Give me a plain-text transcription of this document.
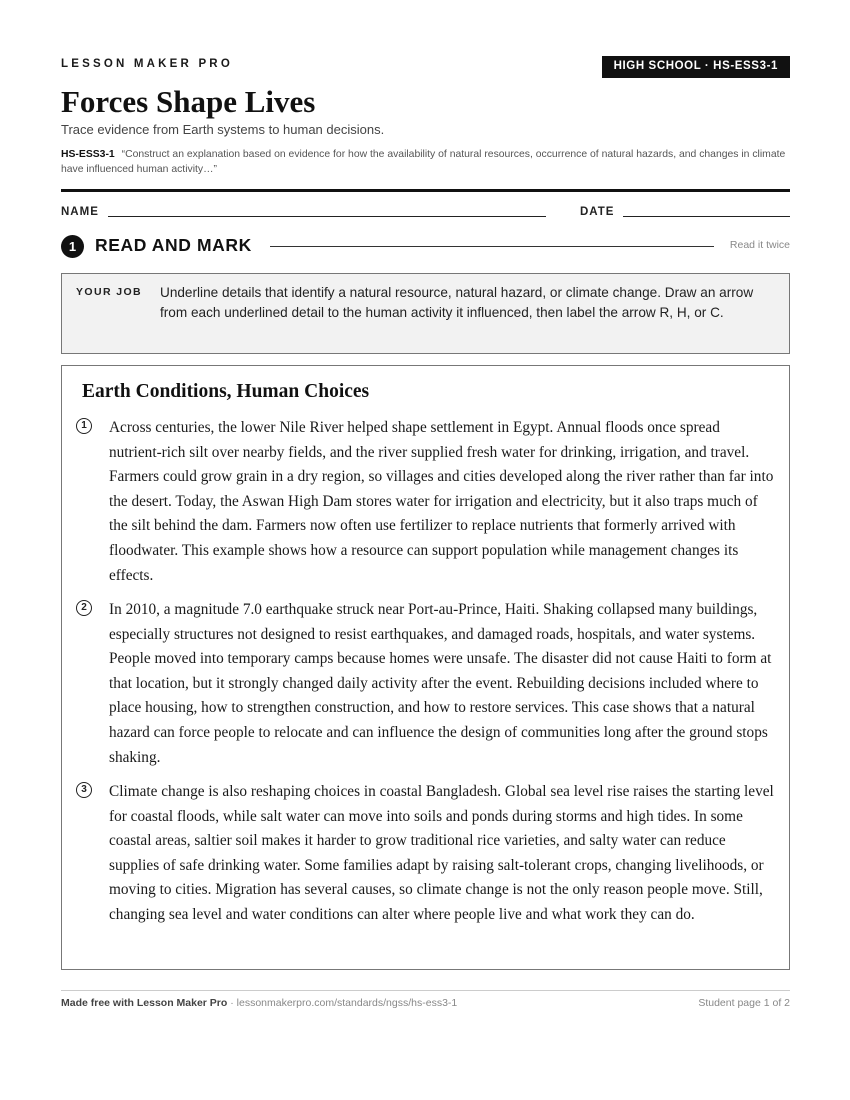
LESSON MAKER PRO	HIGH SCHOOL · HS-ESS3-1
Forces Shape Lives
Trace evidence from Earth systems to human decisions.
HS-ESS3-1 “Construct an explanation based on evidence for how the availability of natural resources, occurrence of natural hazards, and changes in climate have influenced human activity…”
NAME	DATE
1	READ AND MARK	Read it twice
YOUR JOB Underline details that identify a natural resource, natural hazard, or climate change. Draw an arrow from each underlined detail to the human activity it influenced, then label the arrow R, H, or C.
Earth Conditions, Human Choices
1	Across centuries, the lower Nile River helped shape settlement in Egypt. Annual floods once spread nutrient-rich silt over nearby fields, and the river supplied fresh water for drinking, irrigation, and travel. Farmers could grow grain in a dry region, so villages and cities developed along the river rather than far into the desert. Today, the Aswan High Dam stores water for irrigation and electricity, but it also traps much of the silt behind the dam. Farmers now often use fertilizer to replace nutrients that formerly arrived with floodwater. This example shows how a resource can support population while management changes its effects.

2	In 2010, a magnitude 7.0 earthquake struck near Port-au-Prince, Haiti. Shaking collapsed many buildings, especially structures not designed to resist earthquakes, and damaged roads, hospitals, and water systems. People moved into temporary camps because homes were unsafe. The disaster did not cause Haiti to form at that location, but it strongly changed daily activity after the event. Rebuilding decisions included where to place housing, how to strengthen construction, and how to restore services. This case shows that a natural hazard can force people to relocate and can influence the design of communities long after the ground stops shaking.

3	Climate change is also reshaping choices in coastal Bangladesh. Global sea level rise raises the starting level for coastal floods, while salt water can move into soils and ponds during storms and high tides. In some coastal areas, saltier soil makes it harder to grow traditional rice varieties, and salty water can reduce supplies of safe drinking water. Some families adapt by raising salt-tolerant crops, changing livelihoods, or moving to cities. Migration has several causes, so climate change is not the only reason people move. Still, changing sea level and water conditions can alter where people live and what work they can do.

Made free with Lesson Maker Pro · lessonmakerpro.com/standards/ngss/hs-ess3-1	Student page 1 of 2
